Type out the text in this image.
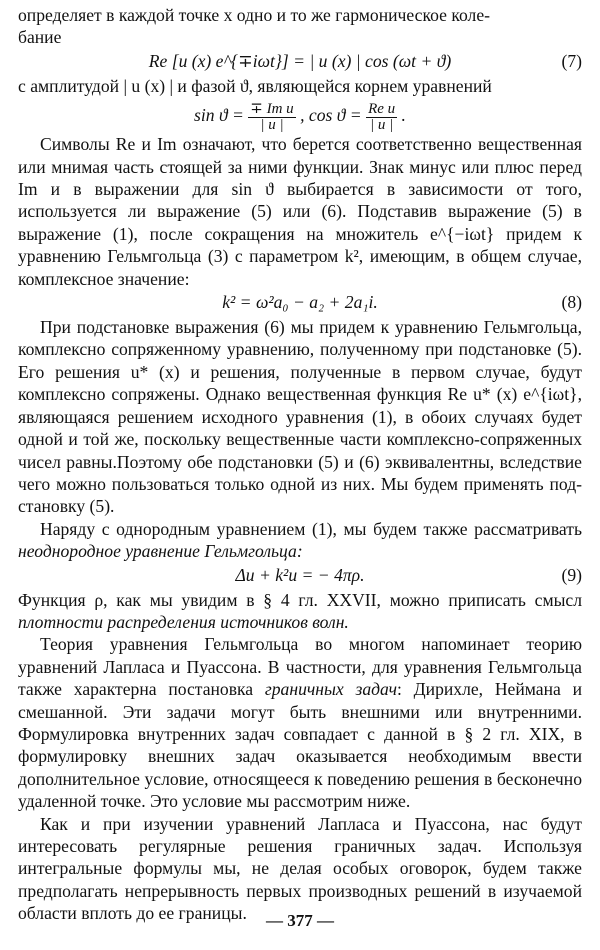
определяет в каждой точке x одно и то же гармоническое коле-

бание

Re [u (x) e^{∓iωt}] = | u (x) | cos (ωt + ϑ)	(7)

с амплитудой | u (x) | и фазой ϑ, являющейся корнем уравнений

$\sin ϑ = \frac{\text{∓ Im u}}{| u |}$ , $\cos ϑ = \frac{\text{Re u}}{| u |}$ .

Символы Re и Im означают, что берется соответственно вещественная или мнимая часть стоящей за ними функции. Знак минус или плюс перед Im и в выражении для sin ϑ выбирается в зависимости от того, используется ли выражение (5) или (6). Подставив выражение (5) в выражение (1), после сокращения на множитель e^{−iωt} придем к уравнению Гельмгольца (3) с параметром k², имеющим, в общем случае, комплексное значение:

k² = ω²a₀ − a₂ + 2a₁i.	(8)

При подстановке выражения (6) мы придем к уравнению Гельмгольца, комплексно сопряженному уравнению, полученному при подстановке (5). Его решения u* (x) и решения, полученные в первом случае, будут комплексно сопряжены. Однако вещественная функция Re u* (x) e^{iωt}, являющаяся решением исходного уравнения (1), в обоих случаях будет одной и той же, поскольку вещественные части комплексно-сопряженных чисел равны.Поэтому обе подстановки (5) и (6) эквивалентны, вследствие чего можно пользоваться только одной из них. Мы будем применять подстановку (5).

Наряду с однородным уравнением (1), мы будем также рассматривать неоднородное уравнение Гельмгольца:

Δu + k²u = − 4πρ.	(9)

Функция ρ, как мы увидим в § 4 гл. XXVII, можно приписать смысл плотности распределения источников волн.

Теория уравнения Гельмгольца во многом напоминает теорию уравнений Лапласа и Пуассона. В частности, для уравнения Гельмгольца также характерна постановка граничных задач: Дирихле, Неймана и смешанной. Эти задачи могут быть внешними или внутренними. Формулировка внутренних задач совпадает с данной в § 2 гл. XIX, в формулировку внешних задач оказывается необходимым ввести дополнительное условие, относящееся к поведению решения в бесконечно удаленной точке. Это условие мы рассмотрим ниже.

Как и при изучении уравнений Лапласа и Пуассона, нас будут интересовать регулярные решения граничных задач. Используя интегральные формулы мы, не делая особых оговорок, будем также предполагать непрерывность первых производных решений в изучаемой области вплоть до ее границы.	— 377 —
